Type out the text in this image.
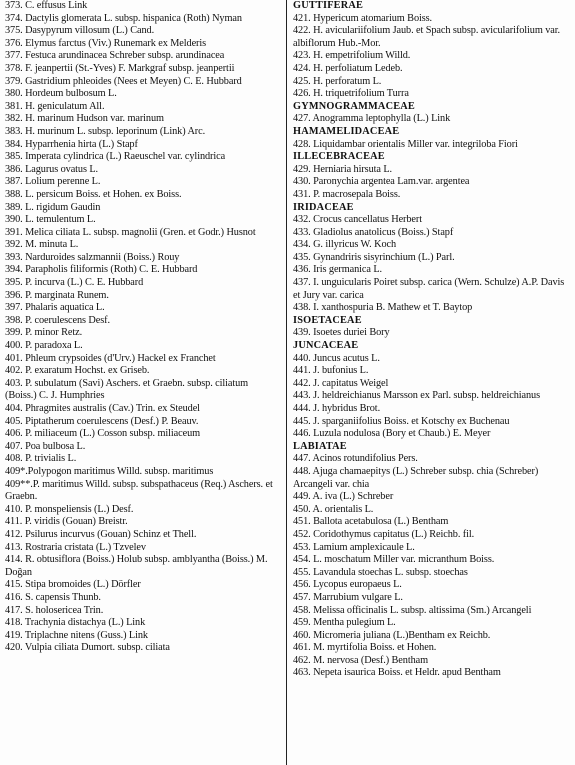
373. C. effusus Link
374. Dactylis glomerata L. subsp. hispanica (Roth) Nyman
375. Dasypyrum villosum (L.) Cand.
376. Elymus farctus (Viv.) Runemark ex Melderis
377. Festuca arundinacea Schreber subsp. arundinacea
378. F. jeanpertii (St.-Yves) F. Markgraf subsp. jeanpertii
379. Gastridium phleoides (Nees et Meyen) C. E. Hubbard
380. Hordeum bulbosum L.
381. H. geniculatum All.
382. H. marinum Hudson var. marinum
383. H. murinum L. subsp. leporinum (Link) Arc.
384. Hyparrhenia hirta (L.) Stapf
385. Imperata cylindrica (L.) Raeuschel var. cylindrica
386. Lagurus ovatus L.
387. Lolium perenne L.
388. L. persicum Boiss. et Hohen. ex Boiss.
389. L. rigidum Gaudin
390. L. temulentum L.
391. Melica ciliata L. subsp. magnolii (Gren. et Godr.) Husnot
392. M. minuta L.
393. Narduroides salzmannii (Boiss.) Rouy
394. Parapholis filiformis (Roth) C. E. Hubbard
395. P. incurva (L.) C. E. Hubbard
396. P. marginata Runem.
397. Phalaris aquatica L.
398. P. coerulescens Desf.
399. P. minor Retz.
400. P. paradoxa L.
401. Phleum crypsoides (d'Urv.) Hackel ex Franchet
402. P. exaratum Hochst. ex Griseb.
403. P. subulatum (Savi) Aschers. et Graebn. subsp. ciliatum (Boiss.) C. J. Humphries
404. Phragmites australis (Cav.) Trin. ex Steudel
405. Piptatherum coerulescens (Desf.) P. Beauv.
406. P. miliaceum (L.) Cosson subsp. miliaceum
407. Poa bulbosa L.
408. P. trivialis L.
409*.Polypogon maritimus Willd. subsp. maritimus
409**.P. maritimus Willd. subsp. subspathaceus (Req.) Aschers. et Graebn.
410. P. monspeliensis (L.) Desf.
411. P. viridis (Gouan) Breistr.
412. Psilurus incurvus (Gouan) Schinz et Thell.
413. Rostraria cristata (L.) Tzvelev
414. R. obtusiflora (Boiss.) Holub subsp. amblyantha (Boiss.) M. Doğan
415. Stipa bromoides (L.) Dörfler
416. S. capensis Thunb.
417. S. holosericea Trin.
418. Trachynia distachya (L.) Link
419. Triplachne nitens (Guss.) Link
420. Vulpia ciliata Dumort. subsp. ciliata
GUTTIFERAE
421. Hypericum atomarium Boiss.
422. H. aviculariifolium Jaub. et Spach subsp. avicularifolium var. albiflorum Hub.-Mor.
423. H. empetrifolium Willd.
424. H. perfoliatum Ledeb.
425. H. perforatum L.
426. H. triquetrifolium Turra
GYMNOGRAMMACEAE
427. Anogramma leptophylla (L.) Link
HAMAMELIDACEAE
428. Liquidambar orientalis Miller var. integriloba Fiori
ILLECEBRACEAE
429. Herniaria hirsuta L.
430. Paronychia argentea Lam.var. argentea
431. P. macrosepala Boiss.
IRIDACEAE
432. Crocus cancellatus Herbert
433. Gladiolus anatolicus (Boiss.) Stapf
434. G. illyricus W. Koch
435. Gynandriris sisyrinchium (L.) Parl.
436. Iris germanica L.
437. I. unguicularis Poiret subsp. carica (Wern. Schulze) A.P. Davis et Jury var. carica
438. I. xanthospuria B. Mathew et T. Baytop
ISOETACEAE
439. Isoetes duriei Bory
JUNCACEAE
440. Juncus acutus L.
441. J. bufonius L.
442. J. capitatus Weigel
443. J. heldreichianus Marsson ex Parl. subsp. heldreichianus
444. J. hybridus Brot.
445. J. sparganiifolius Boiss. et Kotschy ex Buchenau
446. Luzula nodulosa (Bory et Chaub.) E. Meyer
LABIATAE
447. Acinos rotundifolius Pers.
448. Ajuga chamaepitys (L.) Schreber subsp. chia (Schreber) Arcangeli var. chia
449. A. iva (L.) Schreber
450. A. orientalis L.
451. Ballota acetabulosa (L.) Bentham
452. Coridothymus capitatus (L.) Reichb. fil.
453. Lamium amplexicaule L.
454. L. moschatum Miller var. micranthum Boiss.
455. Lavandula stoechas L. subsp. stoechas
456. Lycopus europaeus L.
457. Marrubium vulgare L.
458. Melissa officinalis L. subsp. altissima (Sm.) Arcangeli
459. Mentha pulegium L.
460. Micromeria juliana (L.)Bentham ex Reichb.
461. M. myrtifolia Boiss. et Hohen.
462. M. nervosa (Desf.) Bentham
463. Nepeta isaurica Boiss. et Heldr. apud Bentham
